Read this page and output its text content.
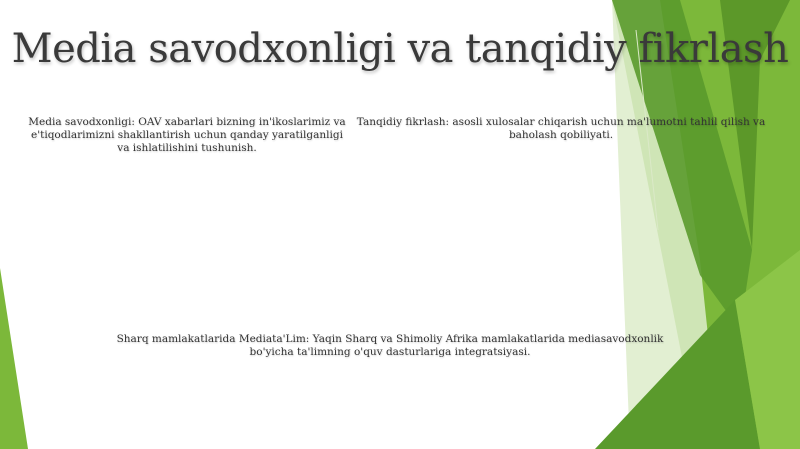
Media savodxonligi va tanqidiy fikrlash
Media savodxonligi: OAV xabarlari bizning in'ikoslarimiz va e'tiqodlarimizni shakllantirish uchun qanday yaratilganligi va ishlatilishini tushunish.
Tanqidiy fikrlash: asosli xulosalar chiqarish uchun ma'lumotni tahlil qilish va baholash qobiliyati.
Sharq mamlakatlarida Mediata'Lim: Yaqin Sharq va Shimoliy Afrika mamlakatlarida mediasavodxonlik bo'yicha ta'limning o'quv dasturlariga integratsiyasi.
